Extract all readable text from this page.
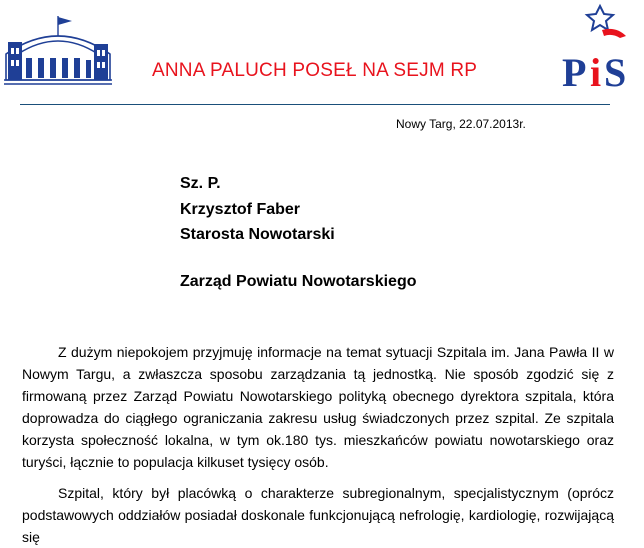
ANNA PALUCH POSEŁ NA SEJM RP P i S
Nowy Targ, 22.07.2013r.
Sz. P.
Krzysztof Faber
Starosta Nowotarski
Zarząd Powiatu Nowotarskiego

Z dużym niepokojem przyjmuję informacje na temat sytuacji Szpitala im. Jana Pawła II w Nowym Targu, a zwłaszcza sposobu zarządzania tą jednostką. Nie sposób zgodzić się z firmowaną przez Zarząd Powiatu Nowotarskiego polityką obecnego dyrektora szpitala, która doprowadza do ciągłego ograniczania zakresu usług świadczonych przez szpital. Ze szpitala korzysta społeczność lokalna, w tym ok.180 tys. mieszkańców powiatu nowotarskiego oraz turyści, łącznie to populacja kilkuset tysięcy osób.

Szpital, który był placówką o charakterze subregionalnym, specjalistycznym (oprócz podstawowych oddziałów posiadał doskonale funkcjonującą nefrologię, kardiologię, rozwijającą się
